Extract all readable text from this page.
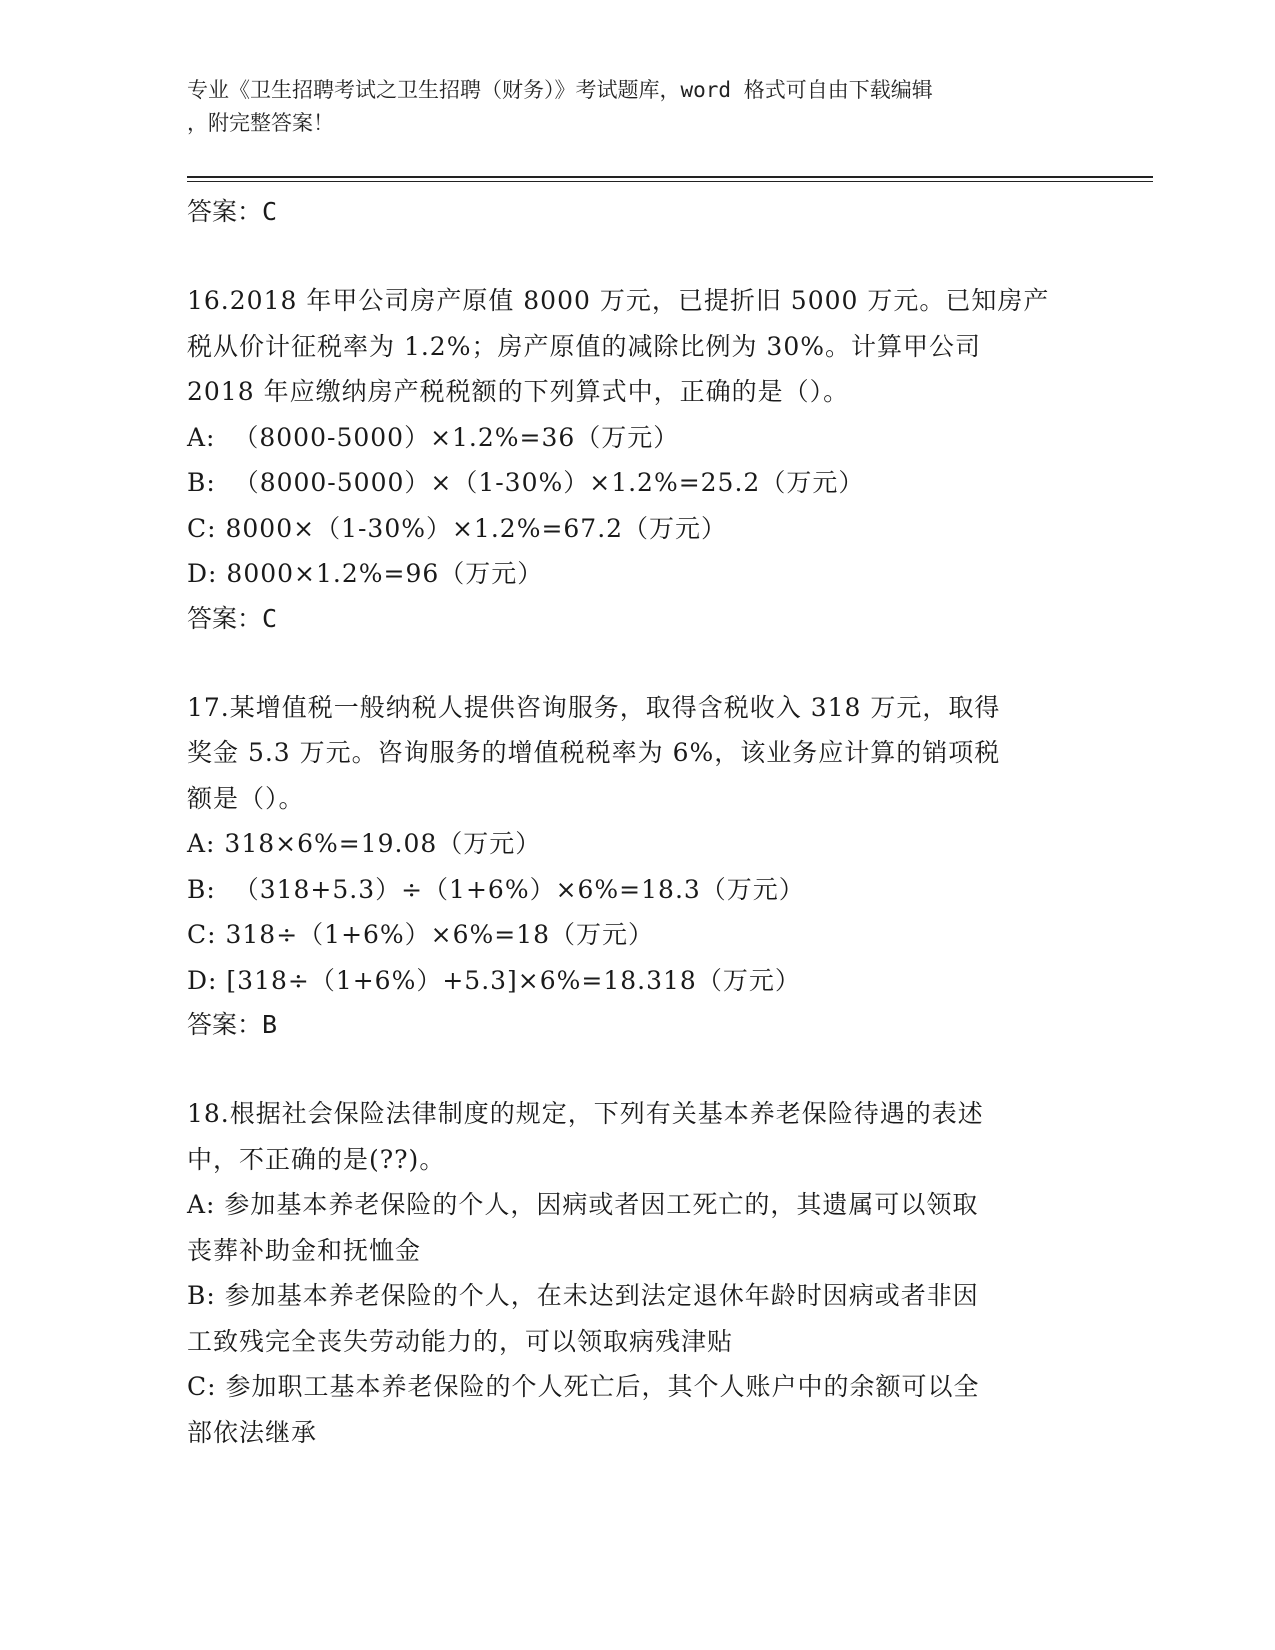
专业《卫生招聘考试之卫生招聘（财务）》考试题库，word 格式可自由下载编辑
，附完整答案！
答案：C
16.2018 年甲公司房产原值 8000 万元，已提折旧 5000 万元。已知房产
税从价计征税率为 1.2%；房产原值的减除比例为 30%。计算甲公司
2018 年应缴纳房产税税额的下列算式中，正确的是（）。
A:  （8000-5000）×1.2%=36（万元）
B:  （8000-5000）×（1-30%）×1.2%=25.2（万元）
C: 8000×（1-30%）×1.2%=67.2（万元）
D: 8000×1.2%=96（万元）
答案：C
17.某增值税一般纳税人提供咨询服务，取得含税收入 318 万元，取得
奖金 5.3 万元。咨询服务的增值税税率为 6%，该业务应计算的销项税
额是（）。
A: 318×6%=19.08（万元）
B:  （318+5.3）÷（1+6%）×6%=18.3（万元）
C: 318÷（1+6%）×6%=18（万元）
D: [318÷（1+6%）+5.3]×6%=18.318（万元）
答案：B
18.根据社会保险法律制度的规定，下列有关基本养老保险待遇的表述
中，不正确的是(??)。
A: 参加基本养老保险的个人，因病或者因工死亡的，其遗属可以领取
丧葬补助金和抚恤金
B: 参加基本养老保险的个人，在未达到法定退休年龄时因病或者非因
工致残完全丧失劳动能力的，可以领取病残津贴
C: 参加职工基本养老保险的个人死亡后，其个人账户中的余额可以全
部依法继承
